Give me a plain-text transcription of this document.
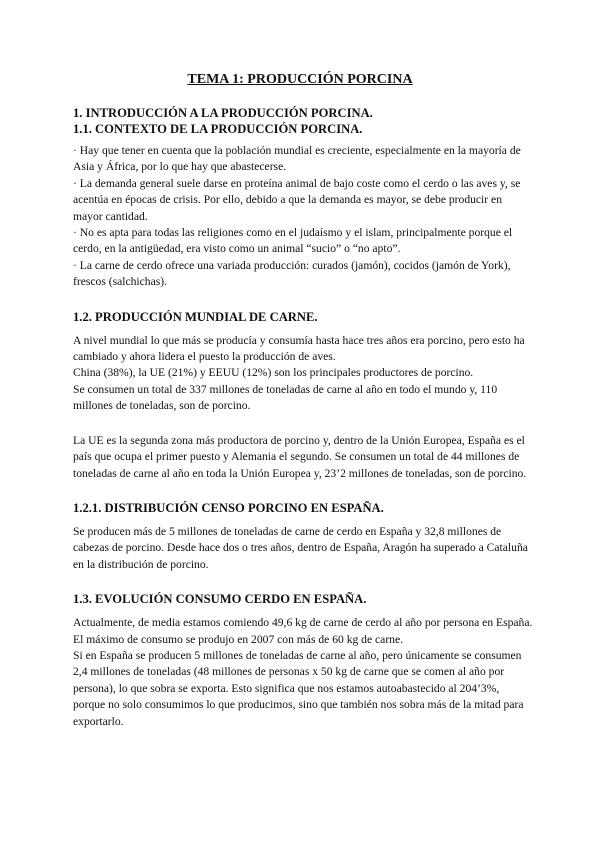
TEMA 1: PRODUCCIÓN PORCINA
1. INTRODUCCIÓN A LA PRODUCCIÓN PORCINA.
1.1. CONTEXTO DE LA PRODUCCIÓN PORCINA.

· Hay que tener en cuenta que la población mundial es creciente, especialmente en la mayoría de Asia y África, por lo que hay que abastecerse.

· La demanda general suele darse en proteína animal de bajo coste como el cerdo o las aves y, se acentúa en épocas de crisis. Por ello, debido a que la demanda es mayor, se debe producir en mayor cantidad.

· No es apta para todas las religiones como en el judaísmo y el islam, principalmente porque el cerdo, en la antigüedad, era visto como un animal “sucio” o “no apto”.

· La carne de cerdo ofrece una variada producción: curados (jamón), cocidos (jamón de York), frescos (salchichas).

1.2. PRODUCCIÓN MUNDIAL DE CARNE.

A nivel mundial lo que más se producía y consumía hasta hace tres años era porcino, pero esto ha cambiado y ahora lidera el puesto la producción de aves.

China (38%), la UE (21%) y EEUU (12%) son los principales productores de porcino.

Se consumen un total de 337 millones de toneladas de carne al año en todo el mundo y, 110 millones de toneladas, son de porcino.

La UE es la segunda zona más productora de porcino y, dentro de la Unión Europea, España es el país que ocupa el primer puesto y Alemania el segundo. Se consumen un total de 44 millones de toneladas de carne al año en toda la Unión Europea y, 23’2 millones de toneladas, son de porcino.

1.2.1. DISTRIBUCIÓN CENSO PORCINO EN ESPAÑA.

Se producen más de 5 millones de toneladas de carne de cerdo en España y 32,8 millones de cabezas de porcino. Desde hace dos o tres años, dentro de España, Aragón ha superado a Cataluña en la distribución de porcino.

1.3. EVOLUCIÓN CONSUMO CERDO EN ESPAÑA.

Actualmente, de media estamos comiendo 49,6 kg de carne de cerdo al año por persona en España. El máximo de consumo se produjo en 2007 con más de 60 kg de carne.

Si en España se producen 5 millones de toneladas de carne al año, pero únicamente se consumen 2,4 millones de toneladas (48 millones de personas x 50 kg de carne que se comen al año por persona), lo que sobra se exporta. Esto significa que nos estamos autoabastecido al 204’3%, porque no solo consumimos lo que producimos, sino que también nos sobra más de la mitad para exportarlo.
